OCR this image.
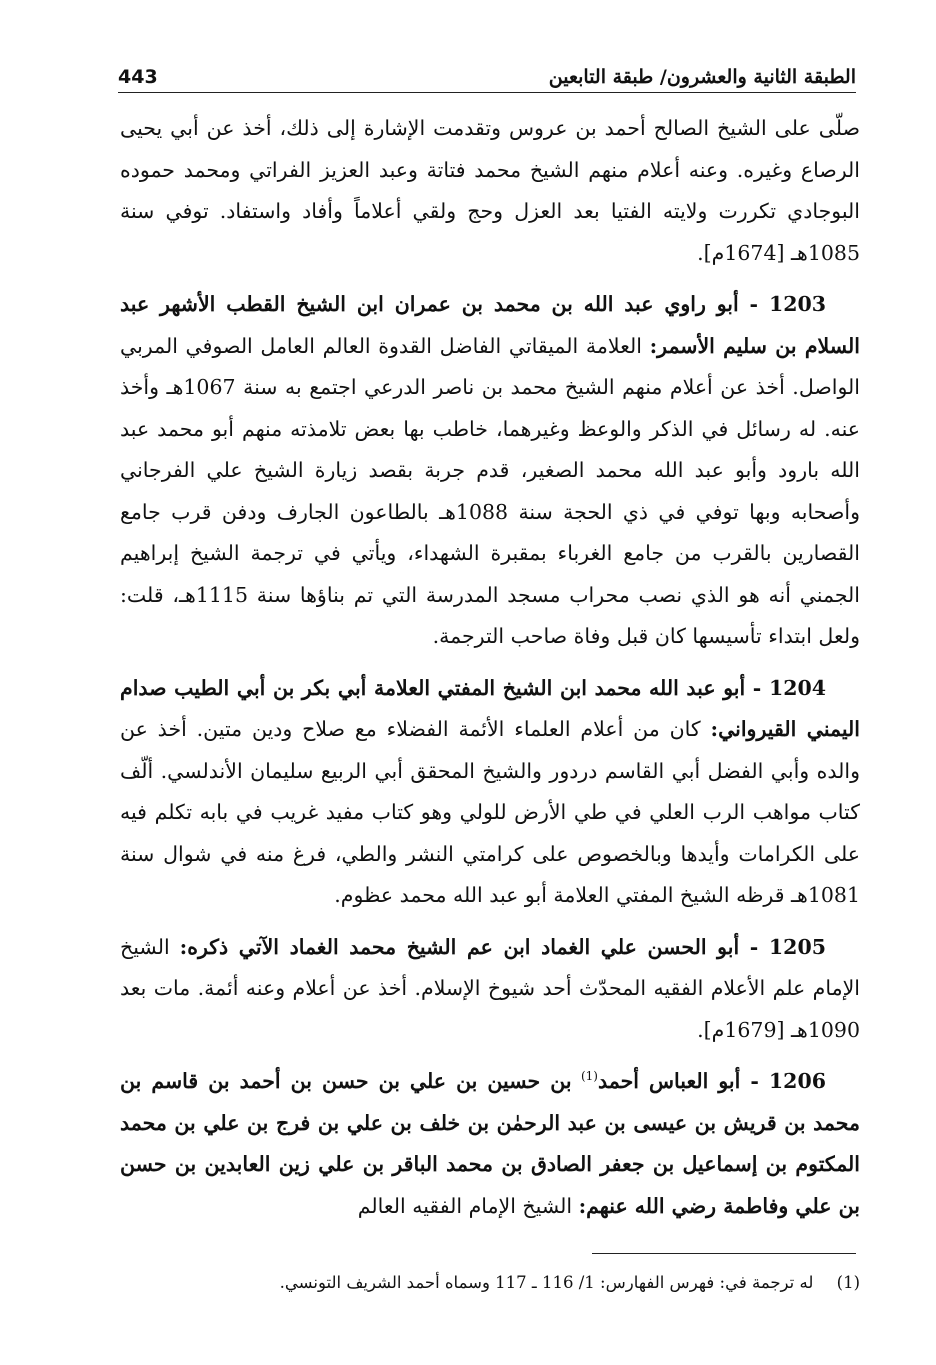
الطبقة الثانية والعشرون/ طبقة التابعين
443

صلّى على الشيخ الصالح أحمد بن عروس وتقدمت الإشارة إلى ذلك، أخذ عن أبي يحيى الرصاع وغيره. وعنه أعلام منهم الشيخ محمد فتاتة وعبد العزيز الفراتي ومحمد حموده البوجادي تكررت ولايته الفتيا بعد العزل وحج ولقي أعلاماً وأفاد واستفاد. توفي سنة 1085هـ [1674م].

1203 - أبو راوي عبد الله بن محمد بن عمران ابن الشيخ القطب الأشهر عبد السلام بن سليم الأسمر: العلامة الميقاتي الفاضل القدوة العالم العامل الصوفي المربي الواصل. أخذ عن أعلام منهم الشيخ محمد بن ناصر الدرعي اجتمع به سنة 1067هـ وأخذ عنه. له رسائل في الذكر والوعظ وغيرهما، خاطب بها بعض تلامذته منهم أبو محمد عبد الله بارود وأبو عبد الله محمد الصغير، قدم جربة بقصد زيارة الشيخ علي الفرجاني وأصحابه وبها توفي في ذي الحجة سنة 1088هـ بالطاعون الجارف ودفن قرب جامع القصارين بالقرب من جامع الغرباء بمقبرة الشهداء، ويأتي في ترجمة الشيخ إبراهيم الجمني أنه هو الذي نصب محراب مسجد المدرسة التي تم بناؤها سنة 1115هـ، قلت: ولعل ابتداء تأسيسها كان قبل وفاة صاحب الترجمة.

1204 - أبو عبد الله محمد ابن الشيخ المفتي العلامة أبي بكر بن أبي الطيب صدام اليمني القيرواني: كان من أعلام العلماء الأئمة الفضلاء مع صلاح ودين متين. أخذ عن والده وأبي الفضل أبي القاسم دردور والشيخ المحقق أبي الربيع سليمان الأندلسي. ألّف كتاب مواهب الرب العلي في طي الأرض للولي وهو كتاب مفيد غريب في بابه تكلم فيه على الكرامات وأيدها وبالخصوص على كرامتي النشر والطي، فرغ منه في شوال سنة 1081هـ قرظه الشيخ المفتي العلامة أبو عبد الله محمد عظوم.

1205 - أبو الحسن علي الغماد ابن عم الشيخ محمد الغماد الآتي ذكره: الشيخ الإمام علم الأعلام الفقيه المحدّث أحد شيوخ الإسلام. أخذ عن أعلام وعنه أئمة. مات بعد 1090هـ [1679م].

1206 - أبو العباس أحمد$^{(1)}$ بن حسين بن علي بن حسن بن أحمد بن قاسم بن محمد بن قريش بن عيسى بن عبد الرحمٰن بن خلف بن علي بن فرج بن علي بن محمد المكتوم بن إسماعيل بن جعفر الصادق بن محمد الباقر بن علي زين العابدين بن حسن بن علي وفاطمة رضي الله عنهم: الشيخ الإمام الفقيه العالم

(1) له ترجمة في: فهرس الفهارس: 1/ 116 ـ 117 وسماه أحمد الشريف التونسي.
